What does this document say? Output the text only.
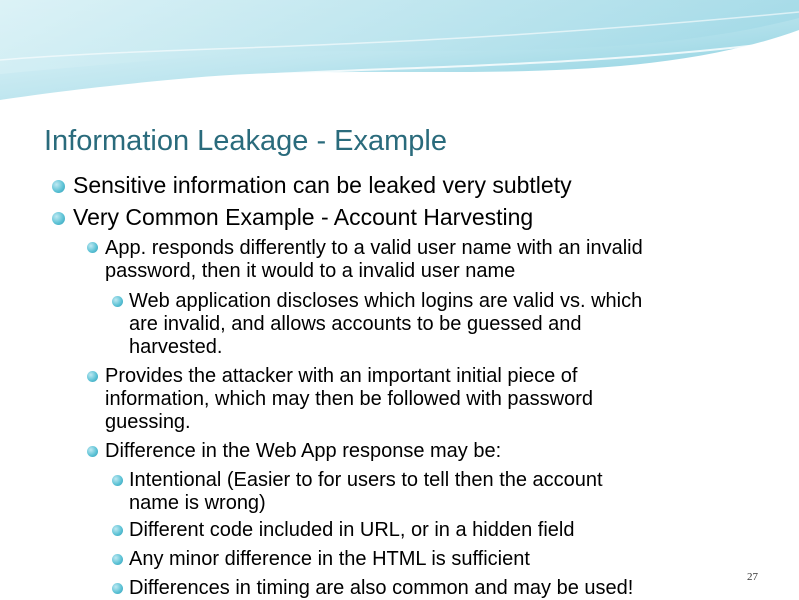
Information Leakage - Example
Sensitive information can be leaked very subtlety
Very Common Example - Account Harvesting
App. responds differently to a valid user name with an invalid
password, then it would to a invalid user name
Web application discloses which logins are valid vs. which
are invalid, and allows accounts to be guessed and
harvested.
Provides the attacker with an important initial piece of
information, which may then be followed with password
guessing.
Difference in the Web App response may be:
Intentional (Easier to for users to tell then the account
name is wrong)
Different code included in URL, or in a hidden field
Any minor difference in the HTML is sufficient
Differences in timing are also common and may be used!	27
